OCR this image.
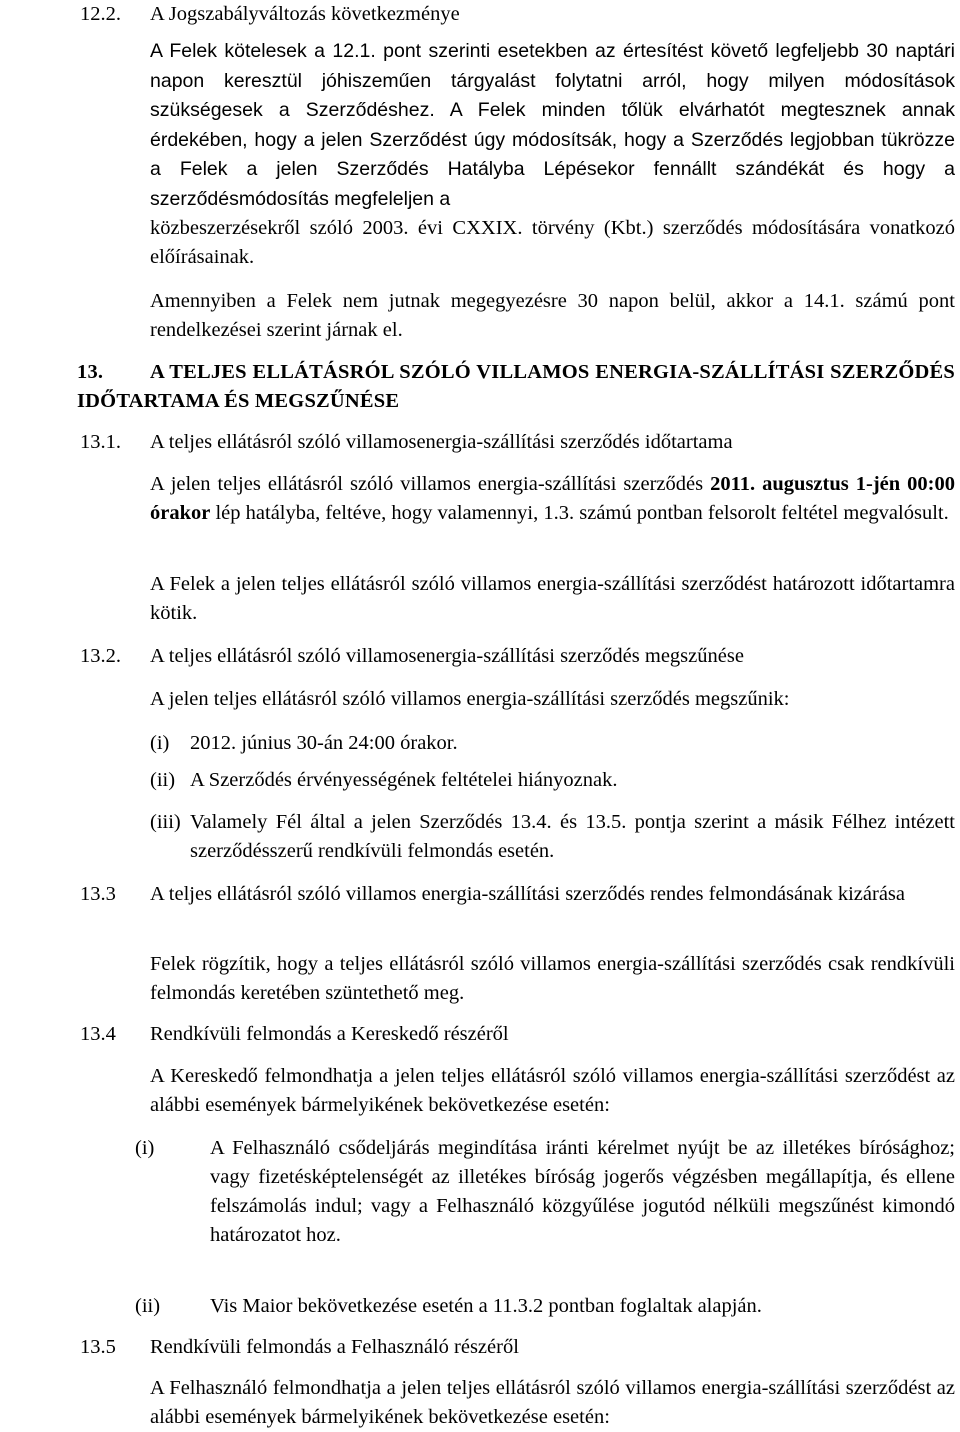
12.2. A Jogszabályváltozás következménye

A Felek kötelesek a 12.1. pont szerinti esetekben az értesítést követő legfeljebb 30 naptári napon keresztül jóhiszeműen tárgyalást folytatni arról, hogy milyen módosítások szükségesek a Szerződéshez. A Felek minden tőlük elvárhatót megtesznek annak érdekében, hogy a jelen Szerződést úgy módosítsák, hogy a Szerződés legjobban tükrözze a Felek a jelen Szerződés Hatályba Lépésekor fennállt szándékát és hogy a szerződésmódosítás megfeleljen a

közbeszerzésekről szóló 2003. évi CXXIX. törvény (Kbt.) szerződés módosítására vonatkozó előírásainak.

Amennyiben a Felek nem jutnak megegyezésre 30 napon belül, akkor a 14.1. számú pont rendelkezései szerint járnak el.

13. A TELJES ELLÁTÁSRÓL SZÓLÓ VILLAMOS ENERGIA-SZÁLLÍTÁSI SZERZŐDÉS IDŐTARTAMA ÉS MEGSZŰNÉSE

13.1. A teljes ellátásról szóló villamosenergia-szállítási szerződés időtartama

A jelen teljes ellátásról szóló villamos energia-szállítási szerződés 2011. augusztus 1-jén 00:00 órakor lép hatályba, feltéve, hogy valamennyi, 1.3. számú pontban felsorolt feltétel megvalósult.

A Felek a jelen teljes ellátásról szóló villamos energia-szállítási szerződést határozott időtartamra kötik.

13.2. A teljes ellátásról szóló villamosenergia-szállítási szerződés megszűnése

A jelen teljes ellátásról szóló villamos energia-szállítási szerződés megszűnik:

(i) 2012. június 30-án 24:00 órakor.
(ii) A Szerződés érvényességének feltételei hiányoznak.
(iii) Valamely Fél által a jelen Szerződés 13.4. és 13.5. pontja szerint a másik Félhez intézett szerződésszerű rendkívüli felmondás esetén.

13.3 A teljes ellátásról szóló villamos energia-szállítási szerződés rendes felmondásának kizárása

Felek rögzítik, hogy a teljes ellátásról szóló villamos energia-szállítási szerződés csak rendkívüli felmondás keretében szüntethető meg.

13.4 Rendkívüli felmondás a Kereskedő részéről

A Kereskedő felmondhatja a jelen teljes ellátásról szóló villamos energia-szállítási szerződést az alábbi események bármelyikének bekövetkezése esetén:

(i)	A Felhasználó csődeljárás megindítása iránti kérelmet nyújt be az illetékes bírósághoz; vagy fizetésképtelenségét az illetékes bíróság jogerős végzésben megállapítja, és ellene felszámolás indul; vagy a Felhasználó közgyűlése jogutód nélküli megszűnést kimondó határozatot hoz.

(ii) Vis Maior bekövetkezése esetén a 11.3.2 pontban foglaltak alapján.
13.5 Rendkívüli felmondás a Felhasználó részéről

A Felhasználó felmondhatja a jelen teljes ellátásról szóló villamos energia-szállítási szerződést az alábbi események bármelyikének bekövetkezése esetén:
